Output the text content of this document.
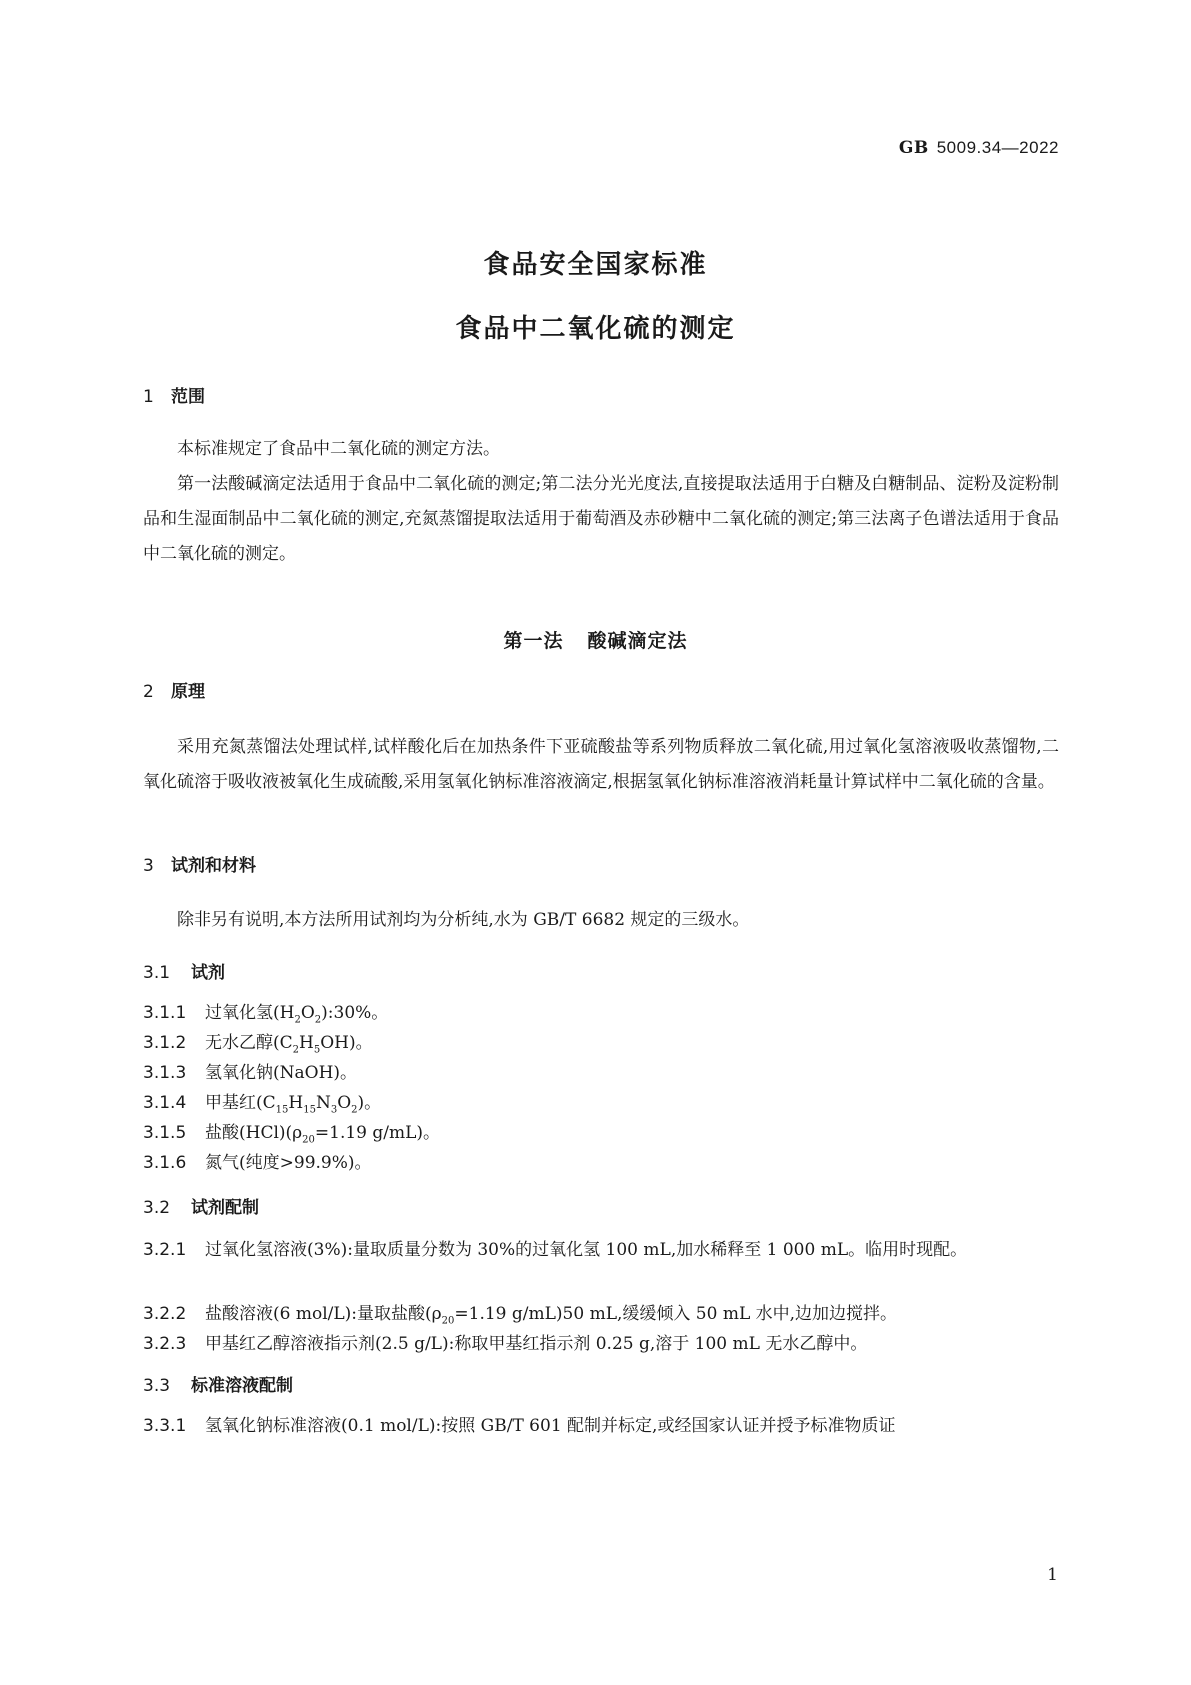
GB 5009.34—2022
食品安全国家标准
食品中二氧化硫的测定
1 范围

本标准规定了食品中二氧化硫的测定方法。

第一法酸碱滴定法适用于食品中二氧化硫的测定;第二法分光光度法,直接提取法适用于白糖及白糖制品、淀粉及淀粉制品和生湿面制品中二氧化硫的测定,充氮蒸馏提取法适用于葡萄酒及赤砂糖中二氧化硫的测定;第三法离子色谱法适用于食品中二氧化硫的测定。

第一法 酸碱滴定法
2 原理

采用充氮蒸馏法处理试样,试样酸化后在加热条件下亚硫酸盐等系列物质释放二氧化硫,用过氧化氢溶液吸收蒸馏物,二氧化硫溶于吸收液被氧化生成硫酸,采用氢氧化钠标准溶液滴定,根据氢氧化钠标准溶液消耗量计算试样中二氧化硫的含量。

3 试剂和材料

除非另有说明,本方法所用试剂均为分析纯,水为 GB/T 6682 规定的三级水。

3.1 试剂
3.1.1 过氧化氢$(H_2O_2):30\%$。
3.1.2 无水乙醇$(C_2H_5OH)$。
3.1.3 氢氧化钠(NaOH)。
3.1.4 甲基红$(C_{15}H_{15}N_3O_2)$。
3.1.5 盐酸$(HCl)(\rho_{20}=1.19$ g/mL)。
3.1.6 氮气(纯度>99.9%)。
3.2 试剂配制
3.2.1 过氧化氢溶液(3%):量取质量分数为 30%的过氧化氢 100 mL,加水稀释至 1 000 mL。临用时现配。
3.2.2 盐酸溶液(6 mol/L):量取盐酸($\rho_{20}=1.19$ g/mL)50 mL,缓缓倾入 50 mL 水中,边加边搅拌。
3.2.3 甲基红乙醇溶液指示剂(2.5 g/L):称取甲基红指示剂 0.25 g,溶于 100 mL 无水乙醇中。
3.3 标准溶液配制
3.3.1 氢氧化钠标准溶液(0.1 mol/L):按照 GB/T 601 配制并标定,或经国家认证并授予标准物质证
1
